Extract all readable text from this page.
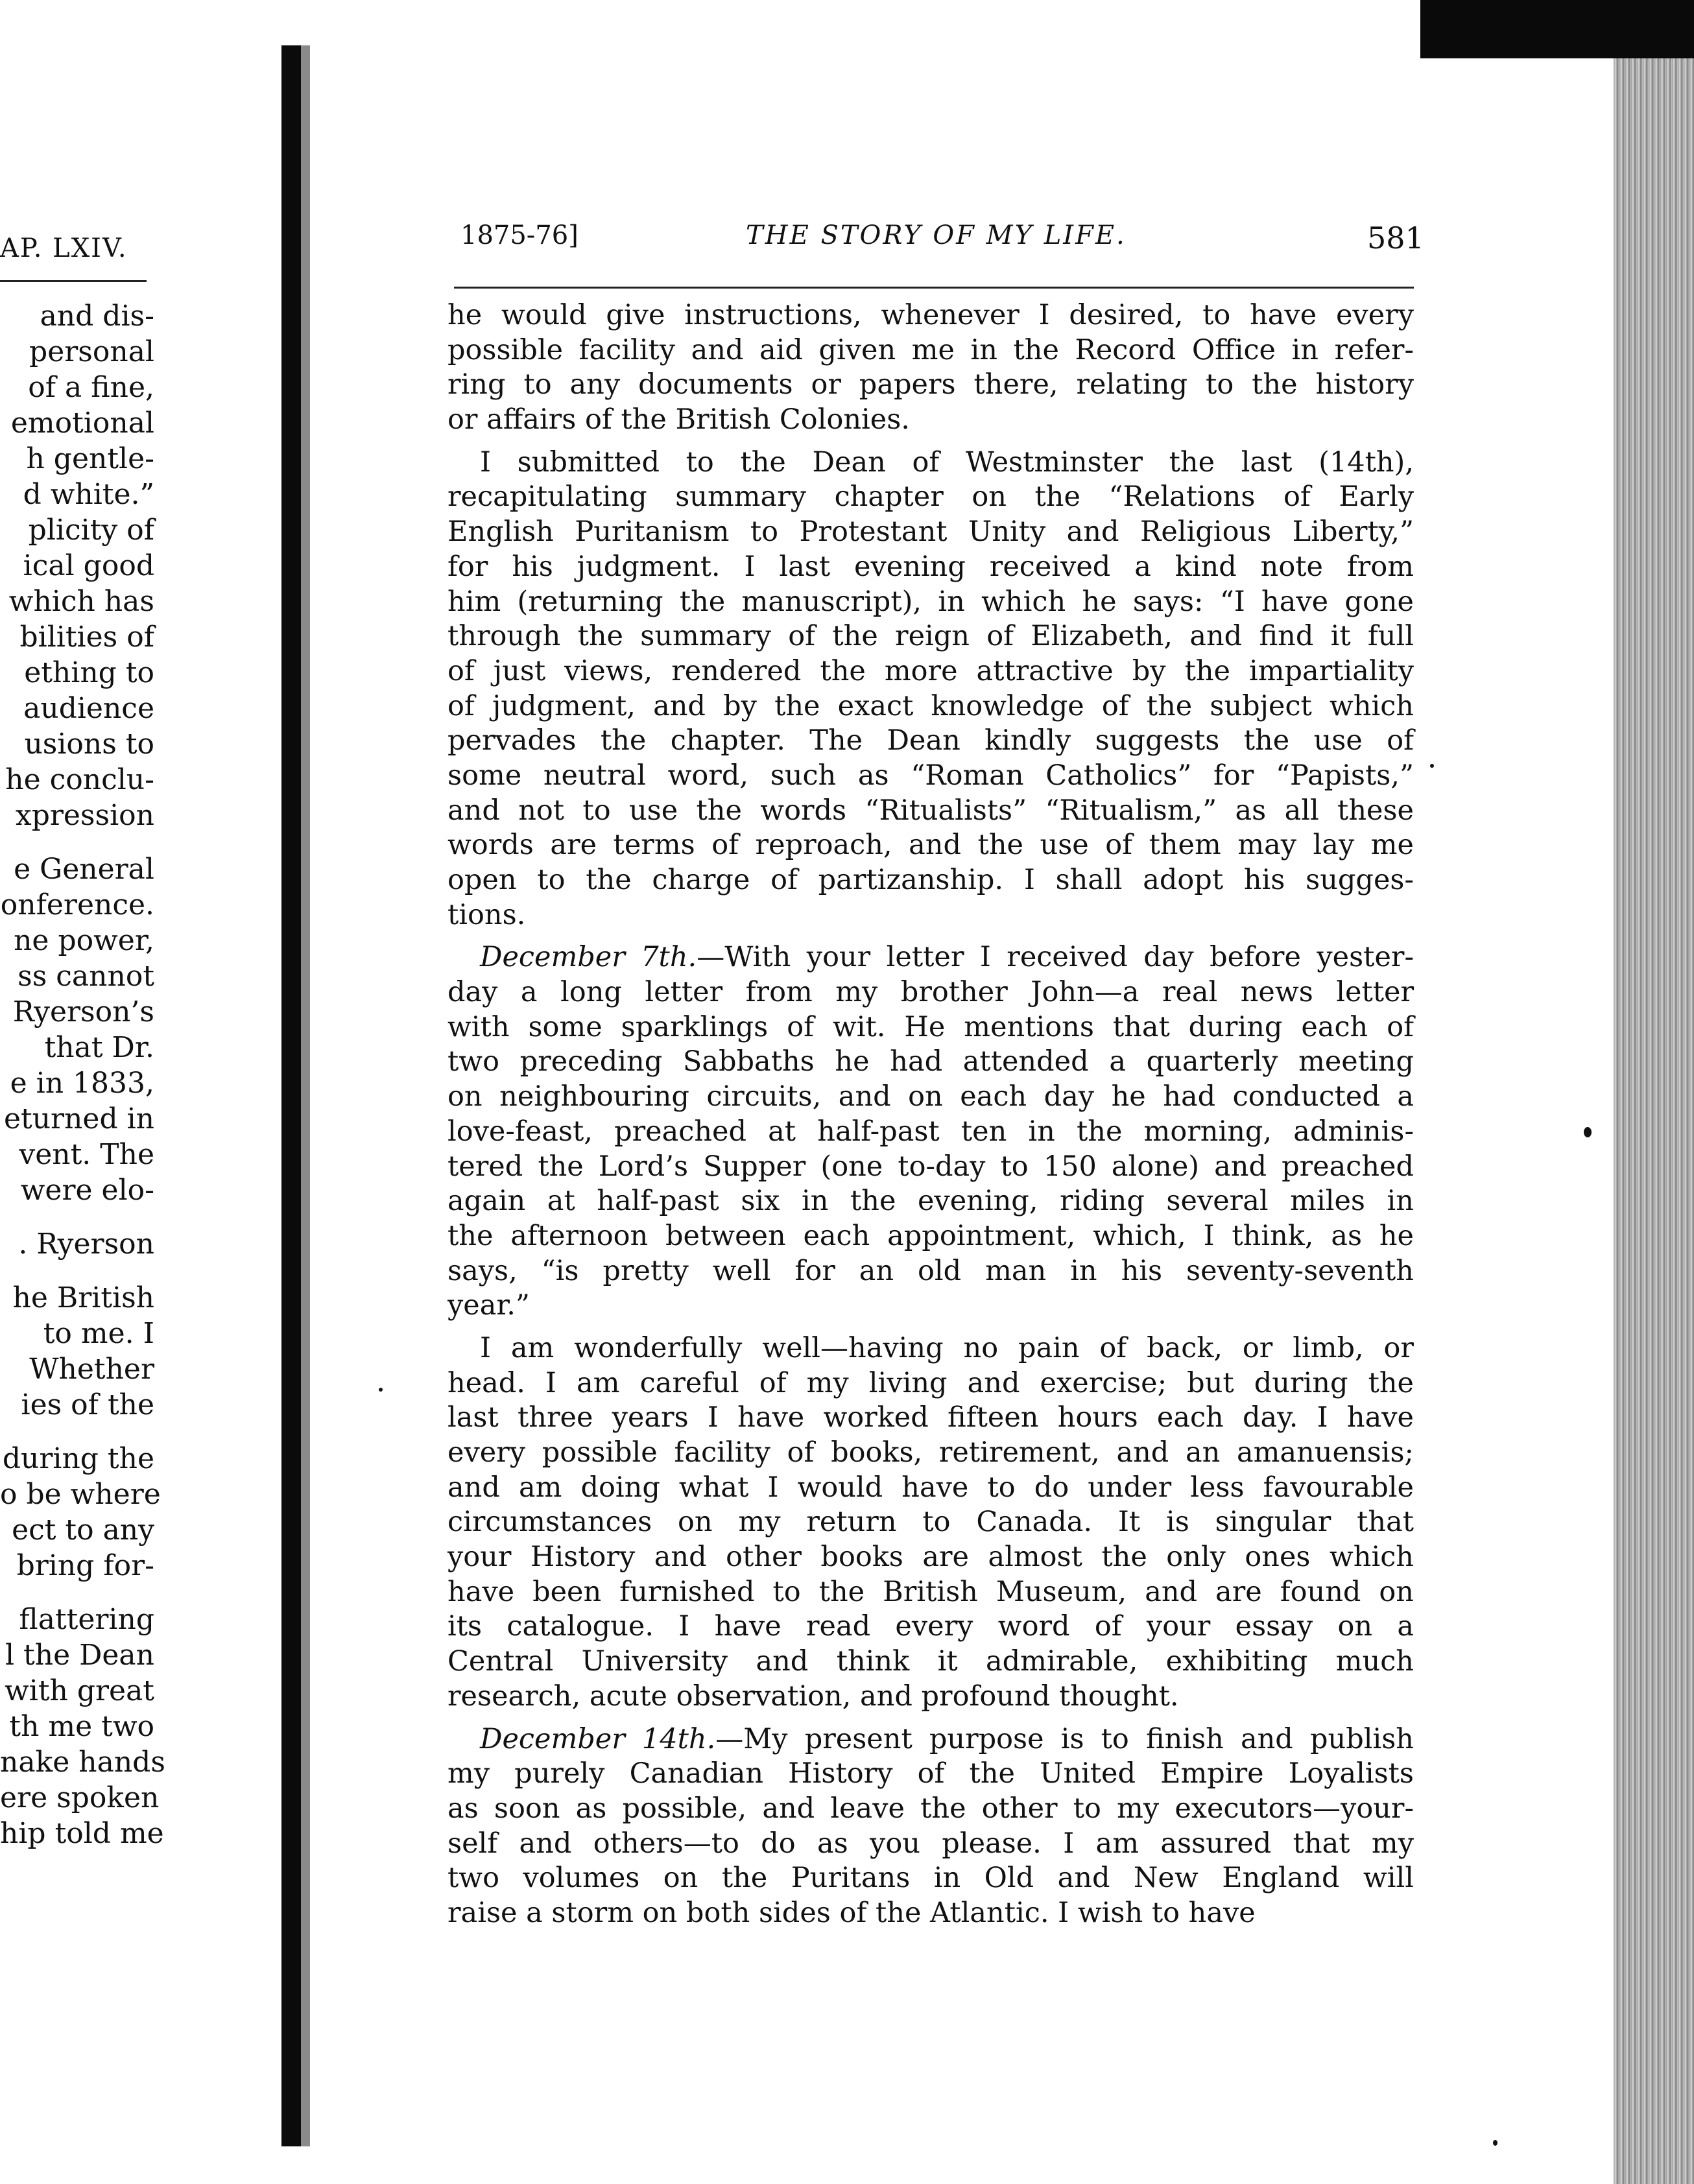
AP. LXIV.
and dis-
personal
of a fine,
emotional
h gentle-
d white.”
plicity of
ical good
which has
bilities of
ething to
audience
usions to
he conclu-
xpression
e General
onference.
ne power,
ss cannot
Ryerson’s
that Dr.
e in 1833,
eturned in
vent. The
were elo-
. Ryerson
he British
to me. I
Whether
ies of the
during the
o be where
ect to any
bring for-
flattering
l the Dean
with great
th me two
nake hands
ere spoken
hip told me
1875-76]	THE STORY OF MY LIFE.	581
he would give instructions, whenever I desired, to have every
possible facility and aid given me in the Record Office in refer-
ring to any documents or papers there, relating to the history
or affairs of the British Colonies.
I submitted to the Dean of Westminster the last (14th),
recapitulating summary chapter on the “Relations of Early
English Puritanism to Protestant Unity and Religious Liberty,”
for his judgment. I last evening received a kind note from
him (returning the manuscript), in which he says: “I have gone
through the summary of the reign of Elizabeth, and find it full
of just views, rendered the more attractive by the impartiality
of judgment, and by the exact knowledge of the subject which
pervades the chapter. The Dean kindly suggests the use of
some neutral word, such as “Roman Catholics” for “Papists,”
and not to use the words “Ritualists” “Ritualism,” as all these
words are terms of reproach, and the use of them may lay me
open to the charge of partizanship. I shall adopt his sugges-
tions.
December 7th.—With your letter I received day before yester-
day a long letter from my brother John—a real news letter
with some sparklings of wit. He mentions that during each of
two preceding Sabbaths he had attended a quarterly meeting
on neighbouring circuits, and on each day he had conducted a
love-feast, preached at half-past ten in the morning, adminis-
tered the Lord’s Supper (one to-day to 150 alone) and preached
again at half-past six in the evening, riding several miles in
the afternoon between each appointment, which, I think, as he
says, “is pretty well for an old man in his seventy-seventh
year.”
I am wonderfully well—having no pain of back, or limb, or
head. I am careful of my living and exercise; but during the
last three years I have worked fifteen hours each day. I have
every possible facility of books, retirement, and an amanuensis;
and am doing what I would have to do under less favourable
circumstances on my return to Canada. It is singular that
your History and other books are almost the only ones which
have been furnished to the British Museum, and are found on
its catalogue. I have read every word of your essay on a
Central University and think it admirable, exhibiting much
research, acute observation, and profound thought.
December 14th.—My present purpose is to finish and publish
my purely Canadian History of the United Empire Loyalists
as soon as possible, and leave the other to my executors—your-
self and others—to do as you please. I am assured that my
two volumes on the Puritans in Old and New England will
raise a storm on both sides of the Atlantic. I wish to have
